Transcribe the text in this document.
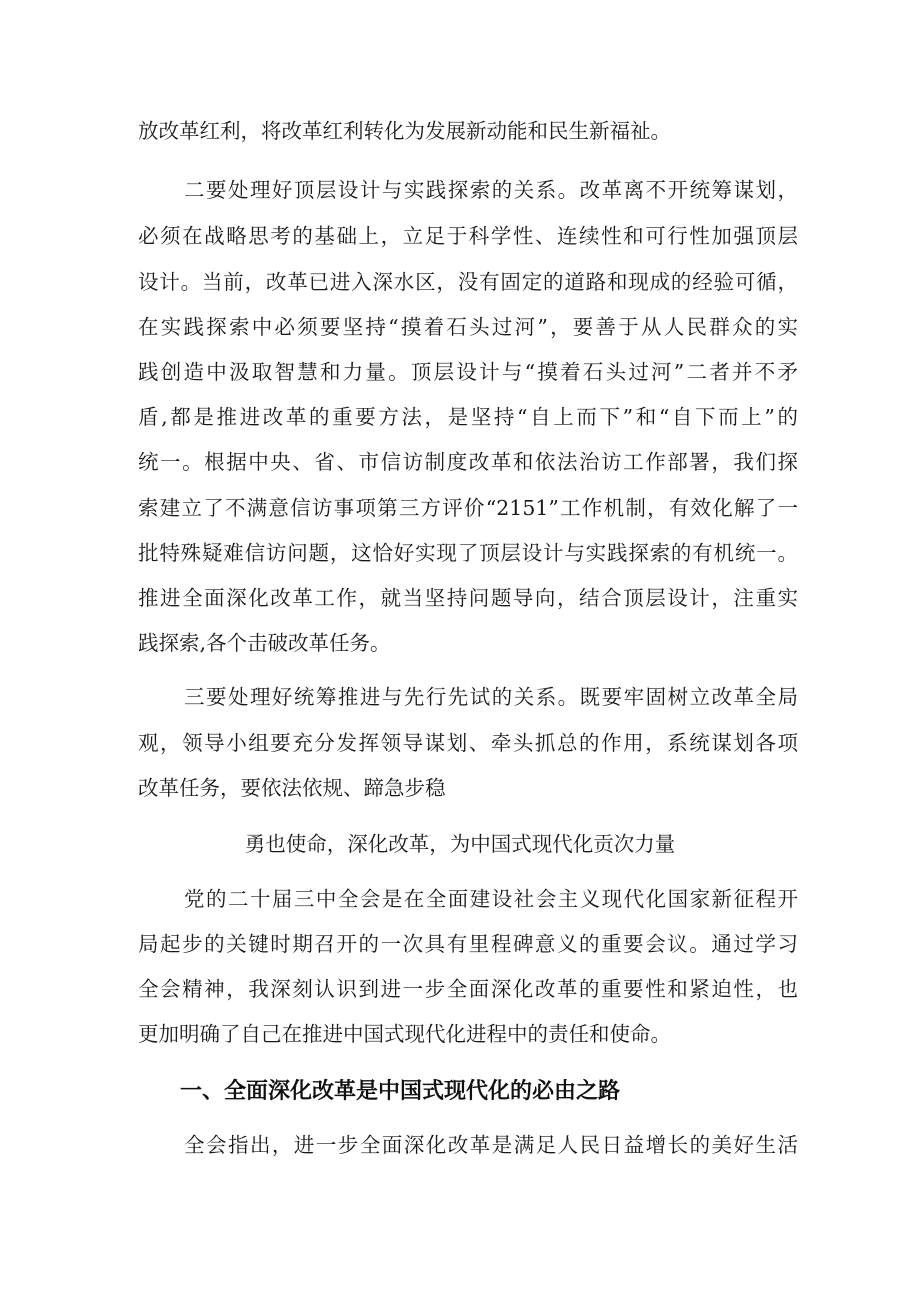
放改革红利，将改革红利转化为发展新动能和民生新福祉。
二要处理好顶层设计与实践探索的关系。改革离不开统筹谋划，
必须在战略思考的基础上，立足于科学性、连续性和可行性加强顶层
设计。当前，改革已进入深水区，没有固定的道路和现成的经验可循，
在实践探索中必须要坚持“摸着石头过河”，要善于从人民群众的实
践创造中汲取智慧和力量。顶层设计与“摸着石头过河”二者并不矛
盾,都是推进改革的重要方法，是坚持“自上而下”和“自下而上”的
统一。根据中央、省、市信访制度改革和依法治访工作部署，我们探
索建立了不满意信访事项第三方评价“2151”工作机制，有效化解了一
批特殊疑难信访问题，这恰好实现了顶层设计与实践探索的有机统一。
推进全面深化改革工作，就当坚持问题导向，结合顶层设计，注重实
践探索,各个击破改革任务。
三要处理好统筹推进与先行先试的关系。既要牢固树立改革全局
观，领导小组要充分发挥领导谋划、牵头抓总的作用，系统谋划各项
改革任务，要依法依规、蹄急步稳
勇也使命，深化改革，为中国式现代化贡次力量
党的二十届三中全会是在全面建设社会主义现代化国家新征程开
局起步的关键时期召开的一次具有里程碑意义的重要会议。通过学习
全会精神，我深刻认识到进一步全面深化改革的重要性和紧迫性，也
更加明确了自己在推进中国式现代化进程中的责任和使命。
一、全面深化改革是中国式现代化的必由之路
全会指出，进一步全面深化改革是满足人民日益增长的美好生活
